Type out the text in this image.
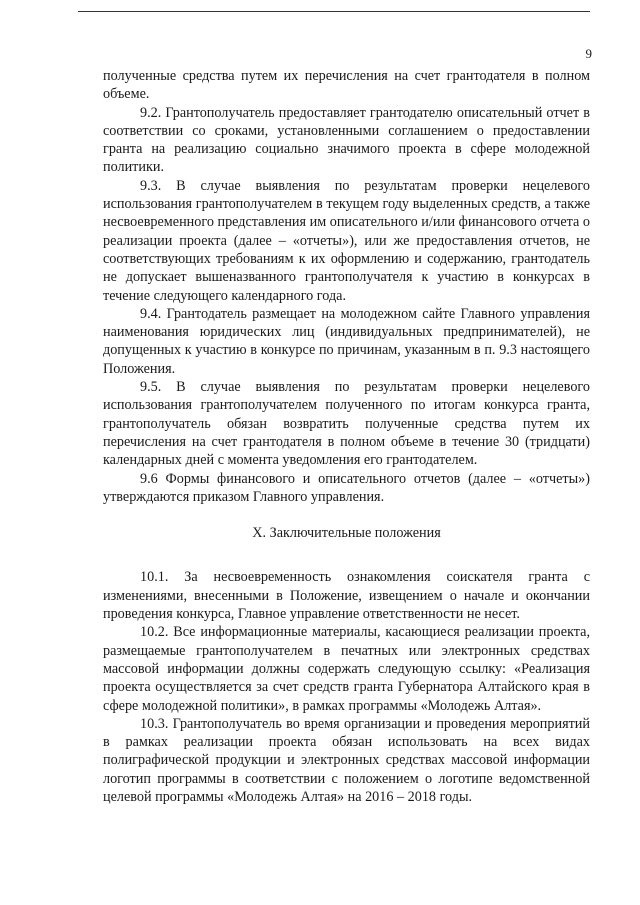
9

полученные средства путем их перечисления на счет грантодателя в полном объеме.

9.2. Грантополучатель предоставляет грантодателю описательный отчет в соответствии со сроками, установленными соглашением о предоставлении гранта на реализацию социально значимого проекта в сфере молодежной политики.

9.3. В случае выявления по результатам проверки нецелевого использования грантополучателем в текущем году выделенных средств, а также несвоевременного представления им описательного и/или финансового отчета о реализации проекта (далее – «отчеты»), или же предоставления отчетов, не соответствующих требованиям к их оформлению и содержанию, грантодатель не допускает вышеназванного грантополучателя к участию в конкурсах в течение следующего календарного года.

9.4. Грантодатель размещает на молодежном сайте Главного управления наименования юридических лиц (индивидуальных предпринимателей), не допущенных к участию в конкурсе по причинам, указанным в п. 9.3 настоящего Положения.

9.5. В случае выявления по результатам проверки нецелевого использования грантополучателем полученного по итогам конкурса гранта, грантополучатель обязан возвратить полученные средства путем их перечисления на счет грантодателя в полном объеме в течение 30 (тридцати) календарных дней с момента уведомления его грантодателем.

9.6 Формы финансового и описательного отчетов (далее – «отчеты») утверждаются приказом Главного управления.

X. Заключительные положения

10.1. За несвоевременность ознакомления соискателя гранта с изменениями, внесенными в Положение, извещением о начале и окончании проведения конкурса, Главное управление ответственности не несет.

10.2. Все информационные материалы, касающиеся реализации проекта, размещаемые грантополучателем в печатных или электронных средствах массовой информации должны содержать следующую ссылку: «Реализация проекта осуществляется за счет средств гранта Губернатора Алтайского края в сфере молодежной политики», в рамках программы «Молодежь Алтая».

10.3. Грантополучатель во время организации и проведения мероприятий в рамках реализации проекта обязан использовать на всех видах полиграфической продукции и электронных средствах массовой информации логотип программы в соответствии с положением о логотипе ведомственной целевой программы «Молодежь Алтая» на 2016 – 2018 годы.
